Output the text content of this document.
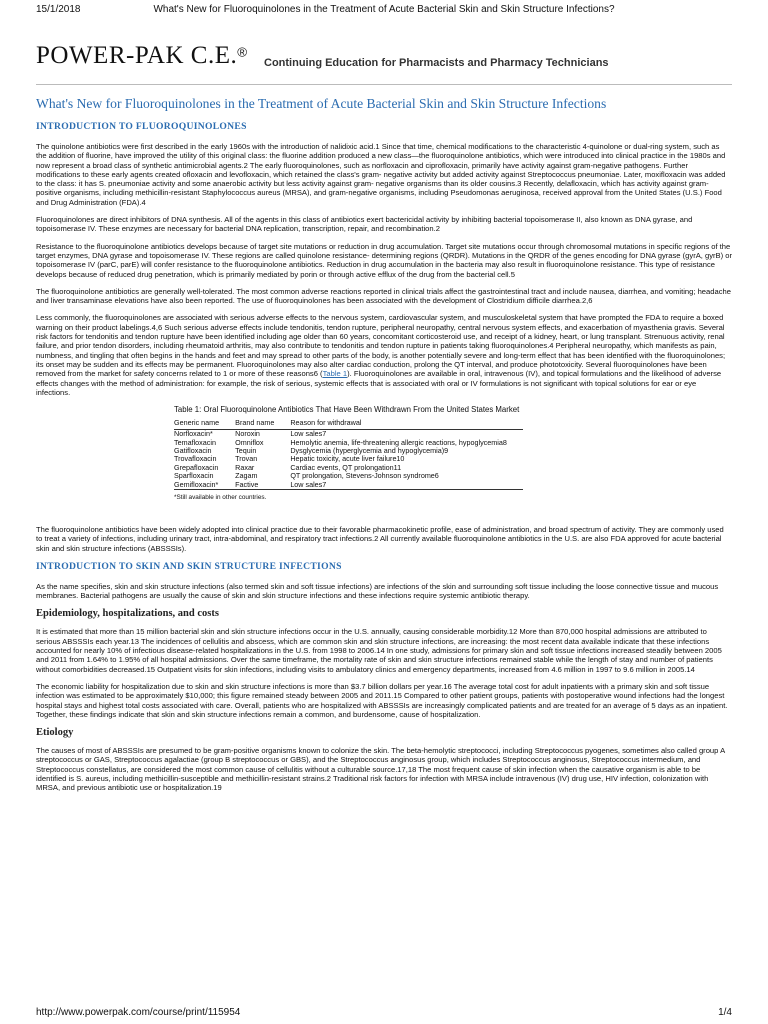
15/1/2018	What's New for Fluoroquinolones in the Treatment of Acute Bacterial Skin and Skin Structure Infections?
POWER-PAK C.E.®
Continuing Education for Pharmacists and Pharmacy Technicians
What's New for Fluoroquinolones in the Treatment of Acute Bacterial Skin and Skin Structure Infections
INTRODUCTION TO FLUOROQUINOLONES

The quinolone antibiotics were first described in the early 1960s with the introduction of nalidixic acid.1 Since that time, chemical modifications to the characteristic 4-quinolone or dual-ring system, such as the addition of fluorine, have improved the utility of this original class: the fluorine addition produced a new class—the fluoroquinolone antibiotics, which were introduced into clinical practice in the 1980s and now represent a broad class of synthetic antimicrobial agents.2 The early fluoroquinolones, such as norfloxacin and ciprofloxacin, primarily have activity against gram-negative pathogens. Further modifications to these early agents created ofloxacin and levofloxacin, which retained the class's gram- negative activity but added activity against Streptococcus pneumoniae. Later, moxifloxacin was added to the class: it has S. pneumoniae activity and some anaerobic activity but less activity against gram- negative organisms than its older cousins.3 Recently, delafloxacin, which has activity against gram- positive organisms, including methicillin-resistant Staphylococcus aureus (MRSA), and gram-negative organisms, including Pseudomonas aeruginosa, received approval from the United States (U.S.) Food and Drug Administration (FDA).4

Fluoroquinolones are direct inhibitors of DNA synthesis. All of the agents in this class of antibiotics exert bactericidal activity by inhibiting bacterial topoisomerase II, also known as DNA gyrase, and topoisomerase IV. These enzymes are necessary for bacterial DNA replication, transcription, repair, and recombination.2

Resistance to the fluoroquinolone antibiotics develops because of target site mutations or reduction in drug accumulation. Target site mutations occur through chromosomal mutations in specific regions of the target enzymes, DNA gyrase and topoisomerase IV. These regions are called quinolone resistance- determining regions (QRDR). Mutations in the QRDR of the genes encoding for DNA gyrase (gyrA, gyrB) or topoisomerase IV (parC, parE) will confer resistance to the fluoroquinolone antibiotics. Reduction in drug accumulation in the bacteria may also result in fluoroquinolone resistance. This type of resistance develops because of reduced drug penetration, which is primarily mediated by porin or through active efflux of the drug from the bacterial cell.5

The fluoroquinolone antibiotics are generally well-tolerated. The most common adverse reactions reported in clinical trials affect the gastrointestinal tract and include nausea, diarrhea, and vomiting; headache and liver transaminase elevations have also been reported. The use of fluoroquinolones has been associated with the development of Clostridium difficile diarrhea.2,6

Less commonly, the fluoroquinolones are associated with serious adverse effects to the nervous system, cardiovascular system, and musculoskeletal system that have prompted the FDA to require a boxed warning on their product labelings.4,6 Such serious adverse effects include tendonitis, tendon rupture, peripheral neuropathy, central nervous system effects, and exacerbation of myasthenia gravis. Several risk factors for tendonitis and tendon rupture have been identified including age older than 60 years, concomitant corticosteroid use, and receipt of a kidney, heart, or lung transplant. Strenuous activity, renal failure, and prior tendon disorders, including rheumatoid arthritis, may also contribute to tendonitis and tendon rupture in patients taking fluoroquinolones.4 Peripheral neuropathy, which manifests as pain, numbness, and tingling that often begins in the hands and feet and may spread to other parts of the body, is another potentially severe and long-term effect that has been identified with the fluoroquinolones; its onset may be sudden and its effects may be permanent. Fluoroquinolones may also alter cardiac conduction, prolong the QT interval, and produce phototoxicity. Several fluoroquinolones have been removed from the market for safety concerns related to 1 or more of these reasons6 (Table 1). Fluoroquinolones are available in oral, intravenous (IV), and topical formulations and the likelihood of adverse effects changes with the method of administration: for example, the risk of serious, systemic effects that is associated with oral or IV formulations is not significant with topical solutions for ear or eye infections.

Table 1: Oral Fluoroquinolone Antibiotics That Have Been Withdrawn From the United States Market
Generic name	Brand name	Reason for withdrawal
Norfloxacin*	Noroxin	Low sales7
Temafloxacin	Omniflox	Hemolytic anemia, life-threatening allergic reactions, hypoglycemia8
Gatifloxacin	Tequin	Dysglycemia (hyperglycemia and hypoglycemia)9
Trovafloxacin	Trovan	Hepatic toxicity, acute liver failure10
Grepafloxacin	Raxar	Cardiac events, QT prolongation11
Sparfloxacin	Zagam	QT prolongation, Stevens-Johnson syndrome6
Gemifloxacin*	Factive	Low sales7
*Still available in other countries.

The fluoroquinolone antibiotics have been widely adopted into clinical practice due to their favorable pharmacokinetic profile, ease of administration, and broad spectrum of activity. They are commonly used to treat a variety of infections, including urinary tract, intra-abdominal, and respiratory tract infections.2 All currently available fluoroquinolone antibiotics in the U.S. are also FDA approved for acute bacterial skin and skin structure infections (ABSSSIs).

INTRODUCTION TO SKIN AND SKIN STRUCTURE INFECTIONS

As the name specifies, skin and skin structure infections (also termed skin and soft tissue infections) are infections of the skin and surrounding soft tissue including the loose connective tissue and mucous membranes. Bacterial pathogens are usually the cause of skin and skin structure infections and these infections require systemic antibiotic therapy.

Epidemiology, hospitalizations, and costs

It is estimated that more than 15 million bacterial skin and skin structure infections occur in the U.S. annually, causing considerable morbidity.12 More than 870,000 hospital admissions are attributed to serious ABSSSIs each year.13 The incidences of cellulitis and abscess, which are common skin and skin structure infections, are increasing: the most recent data available indicate that these infections accounted for nearly 10% of infectious disease-related hospitalizations in the U.S. from 1998 to 2006.14 In one study, admissions for primary skin and soft tissue infections increased steadily between 2005 and 2011 from 1.64% to 1.95% of all hospital admissions. Over the same timeframe, the mortality rate of skin and skin structure infections remained stable while the length of stay and number of patients without comorbidities decreased.15 Outpatient visits for skin infections, including visits to ambulatory clinics and emergency departments, increased from 4.6 million in 1997 to 9.6 million in 2005.14

The economic liability for hospitalization due to skin and skin structure infections is more than $3.7 billion dollars per year.16 The average total cost for adult inpatients with a primary skin and soft tissue infection was estimated to be approximately $10,000; this figure remained steady between 2005 and 2011.15 Compared to other patient groups, patients with postoperative wound infections had the longest hospital stays and highest total costs associated with care. Overall, patients who are hospitalized with ABSSSIs are increasingly complicated patients and are treated for an average of 5 days as an inpatient. Together, these findings indicate that skin and skin structure infections remain a common, and burdensome, cause of hospitalization.

Etiology

The causes of most of ABSSSIs are presumed to be gram-positive organisms known to colonize the skin. The beta-hemolytic streptococci, including Streptococcus pyogenes, sometimes also called group A streptococcus or GAS, Streptococcus agalactiae (group B streptococcus or GBS), and the Streptococcus anginosus group, which includes Streptococcus anginosus, Streptococcus intermedium, and Streptococcus constellatus, are considered the most common cause of cellulitis without a culturable source.17,18 The most frequent cause of skin infection when the causative organism is able to be identified is S. aureus, including methicillin-susceptible and methicillin-resistant strains.2 Traditional risk factors for infection with MRSA include intravenous (IV) drug use, HIV infection, colonization with MRSA, and previous antibiotic use or hospitalization.19

http://www.powerpak.com/course/print/115954	1/4
